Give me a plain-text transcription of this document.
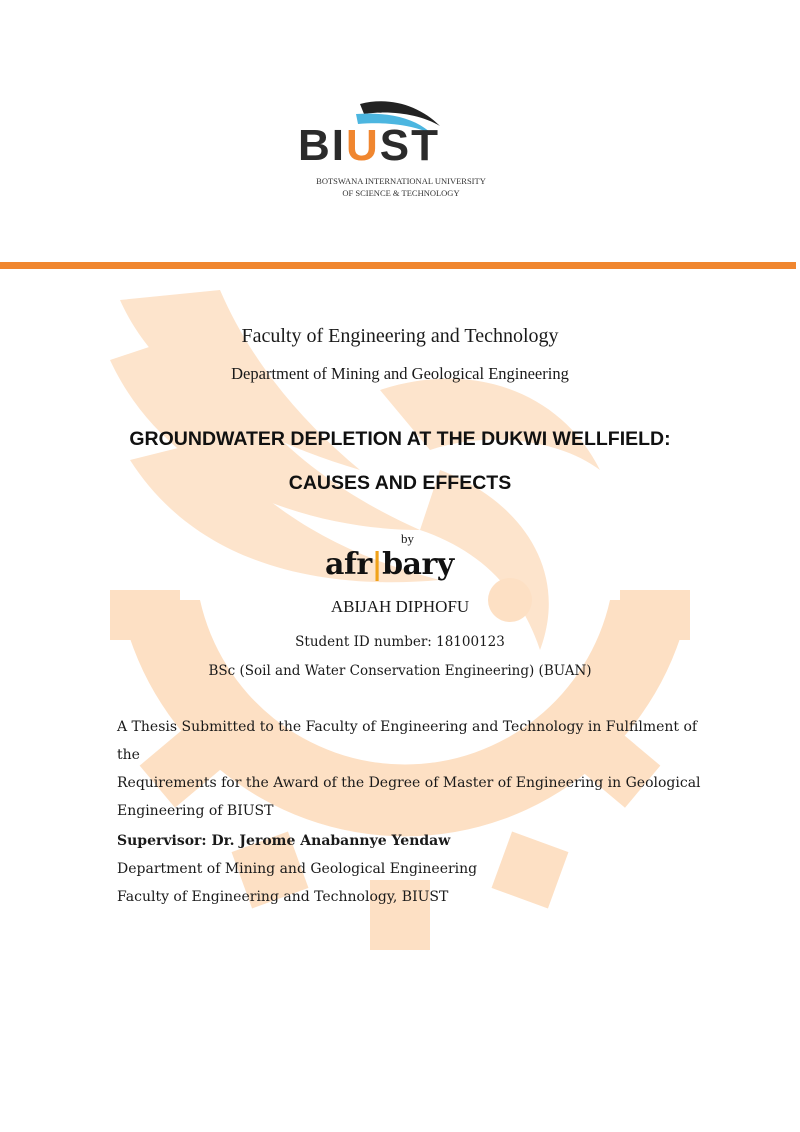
BIUST
BOTSWANA INTERNATIONAL UNIVERSITY
OF SCIENCE & TECHNOLOGY
Faculty of Engineering and Technology
Department of Mining and Geological Engineering
GROUNDWATER DEPLETION AT THE DUKWI WELLFIELD:
CAUSES AND EFFECTS
by
afr|bary
ABIJAH DIPHOFU
Student ID number: 18100123
BSc (Soil and Water Conservation Engineering) (BUAN)
A Thesis Submitted to the Faculty of Engineering and Technology in Fulfilment of the
Requirements for the Award of the Degree of Master of Engineering in Geological
Engineering of BIUST
Supervisor: Dr. Jerome Anabannye Yendaw
Department of Mining and Geological Engineering
Faculty of Engineering and Technology, BIUST
